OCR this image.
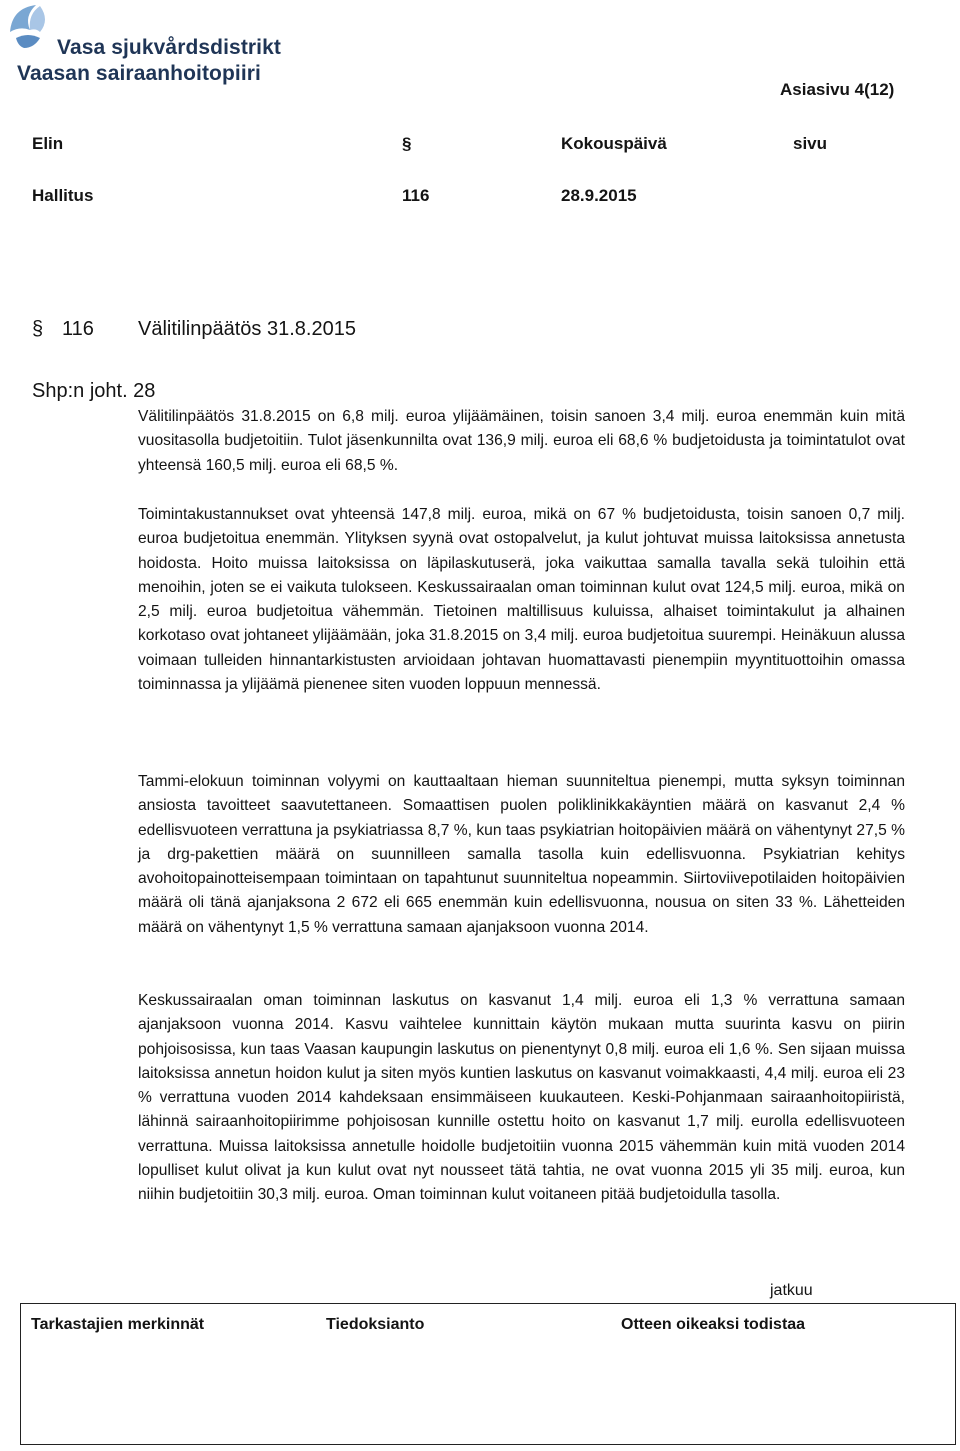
Vasa sjukvårdsdistrikt
Vaasan sairaanhoitopiiri
Asiasivu 4(12)
Elin	§	Kokouspäivä	sivu
Hallitus	116	28.9.2015
§ 116 Välitilinpäätös 31.8.2015
Shp:n joht. 28

Välitilinpäätös 31.8.2015 on 6,8 milj. euroa ylijäämäinen, toisin sanoen 3,4 milj. euroa enemmän kuin mitä vuositasolla budjetoitiin. Tulot jäsenkunnilta ovat 136,9 milj. euroa eli 68,6 % budjetoidusta ja toimintatulot ovat yhteensä 160,5 milj. euroa eli 68,5 %.

Toimintakustannukset ovat yhteensä 147,8 milj. euroa, mikä on 67 % budjetoidusta, toisin sanoen 0,7 milj. euroa budjetoitua enemmän. Ylityksen syynä ovat ostopalvelut, ja kulut johtuvat muissa laitoksissa annetusta hoidosta. Hoito muissa laitoksissa on läpilaskutuserä, joka vaikuttaa samalla tavalla sekä tuloihin että menoihin, joten se ei vaikuta tulokseen. Keskussairaalan oman toiminnan kulut ovat 124,5 milj. euroa, mikä on 2,5 milj. euroa budjetoitua vähemmän. Tietoinen maltillisuus kuluissa, alhaiset toimintakulut ja alhainen korkotaso ovat johtaneet ylijäämään, joka 31.8.2015 on 3,4 milj. euroa budjetoitua suurempi. Heinäkuun alussa voimaan tulleiden hinnantarkistusten arvioidaan johtavan huomattavasti pienempiin myyntituottoihin omassa toiminnassa ja ylijäämä pienenee siten vuoden loppuun mennessä.

Tammi-elokuun toiminnan volyymi on kauttaaltaan hieman suunniteltua pienempi, mutta syksyn toiminnan ansiosta tavoitteet saavutettaneen. Somaattisen puolen poliklinikkakäyntien määrä on kasvanut 2,4 % edellisvuoteen verrattuna ja psykiatriassa 8,7 %, kun taas psykiatrian hoitopäivien määrä on vähentynyt 27,5 % ja drg-pakettien määrä on suunnilleen samalla tasolla kuin edellisvuonna. Psykiatrian kehitys avohoitopainotteisempaan toimintaan on tapahtunut suunniteltua nopeammin. Siirtoviivepotilaiden hoitopäivien määrä oli tänä ajanjaksona 2 672 eli 665 enemmän kuin edellisvuonna, nousua on siten 33 %. Lähetteiden määrä on vähentynyt 1,5 % verrattuna samaan ajanjaksoon vuonna 2014.

Keskussairaalan oman toiminnan laskutus on kasvanut 1,4 milj. euroa eli 1,3 % verrattuna samaan ajanjaksoon vuonna 2014. Kasvu vaihtelee kunnittain käytön mukaan mutta suurinta kasvu on piirin pohjoisosissa, kun taas Vaasan kaupungin laskutus on pienentynyt 0,8 milj. euroa eli 1,6 %. Sen sijaan muissa laitoksissa annetun hoidon kulut ja siten myös kuntien laskutus on kasvanut voimakkaasti, 4,4 milj. euroa eli 23 % verrattuna vuoden 2014 kahdeksaan ensimmäiseen kuukauteen. Keski-Pohjanmaan sairaanhoitopiiristä, lähinnä sairaanhoitopiirimme pohjoisosan kunnille ostettu hoito on kasvanut 1,7 milj. eurolla edellisvuoteen verrattuna. Muissa laitoksissa annetulle hoidolle budjetoitiin vuonna 2015 vähemmän kuin mitä vuoden 2014 lopulliset kulut olivat ja kun kulut ovat nyt nousseet tätä tahtia, ne ovat vuonna 2015 yli 35 milj. euroa, kun niihin budjetoitiin 30,3 milj. euroa. Oman toiminnan kulut voitaneen pitää budjetoidulla tasolla.

jatkuu
Tarkastajien merkinnät	Tiedoksianto	Otteen oikeaksi todistaa
